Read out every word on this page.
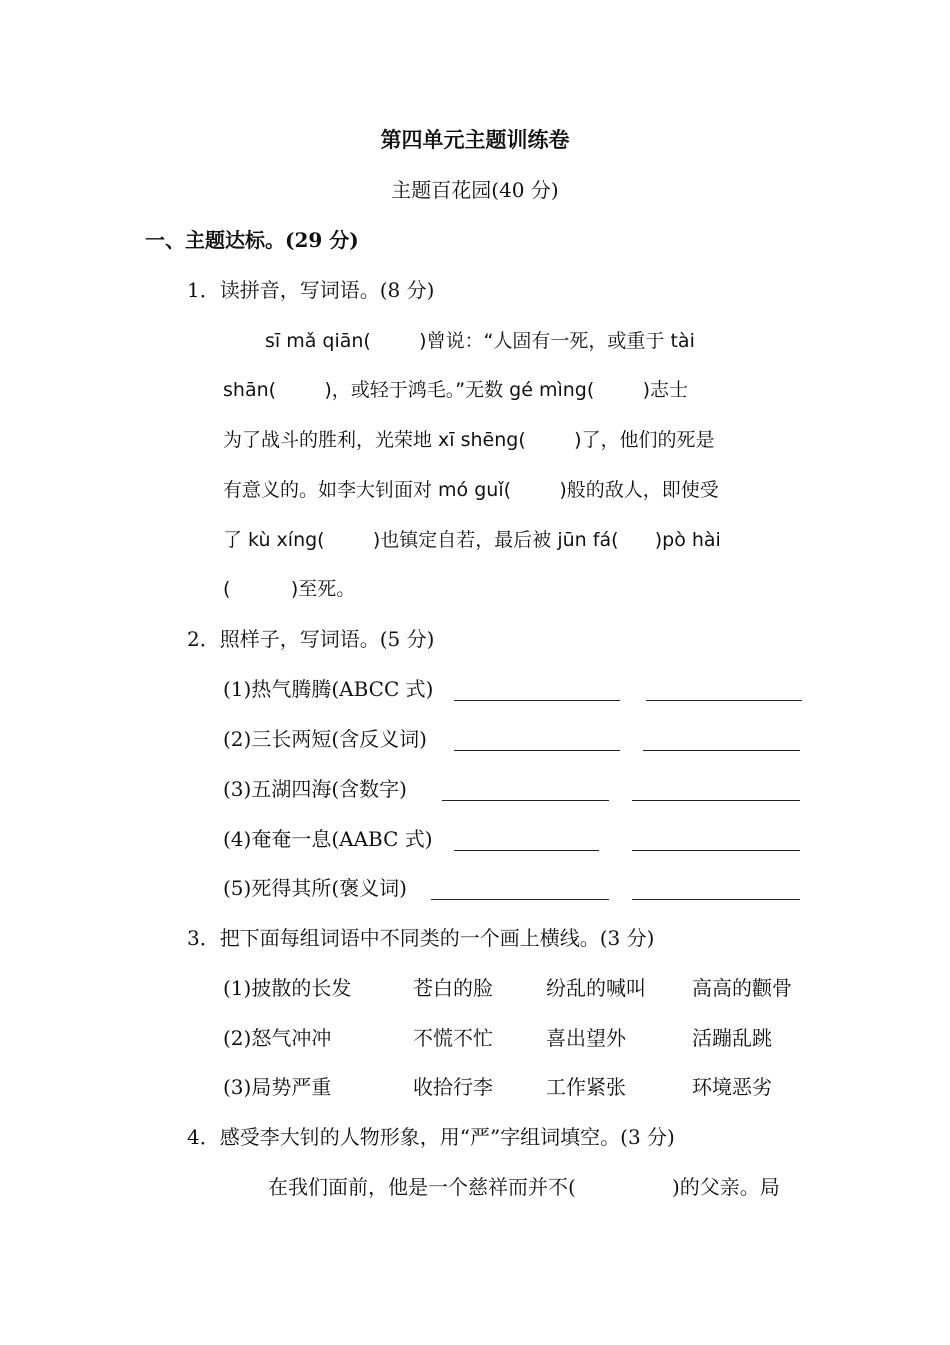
第四单元主题训练卷
主题百花园(40 分)
一、主题达标。(29 分)
1．读拼音，写词语。(8 分)
sī mǎ qiān(        )曾说：“人固有一死，或重于 tài
shān(        )，或轻于鸿毛。”无数 gé mìng(        )志士
为了战斗的胜利，光荣地 xī shēng(        )了，他们的死是
有意义的。如李大钊面对 mó guǐ(        )般的敌人，即使受
了 kù xíng(        )也镇定自若，最后被 jūn fá(      )pò hài
(          )至死。
2．照样子，写词语。(5 分)
(1)热气腾腾(ABCC 式)
(2)三长两短(含反义词)
(3)五湖四海(含数字)
(4)奄奄一息(AABC 式)
(5)死得其所(褒义词)
3．把下面每组词语中不同类的一个画上横线。(3 分)
(1)披散的长发	苍白的脸	纷乱的喊叫 高高的颧骨
(2)怒气冲冲	不慌不忙	喜出望外	活蹦乱跳
(3)局势严重	收拾行李	工作紧张	环境恶劣
4．感受李大钊的人物形象，用“严”字组词填空。(3 分)
在我们面前，他是一个慈祥而并不(	)的父亲。局
